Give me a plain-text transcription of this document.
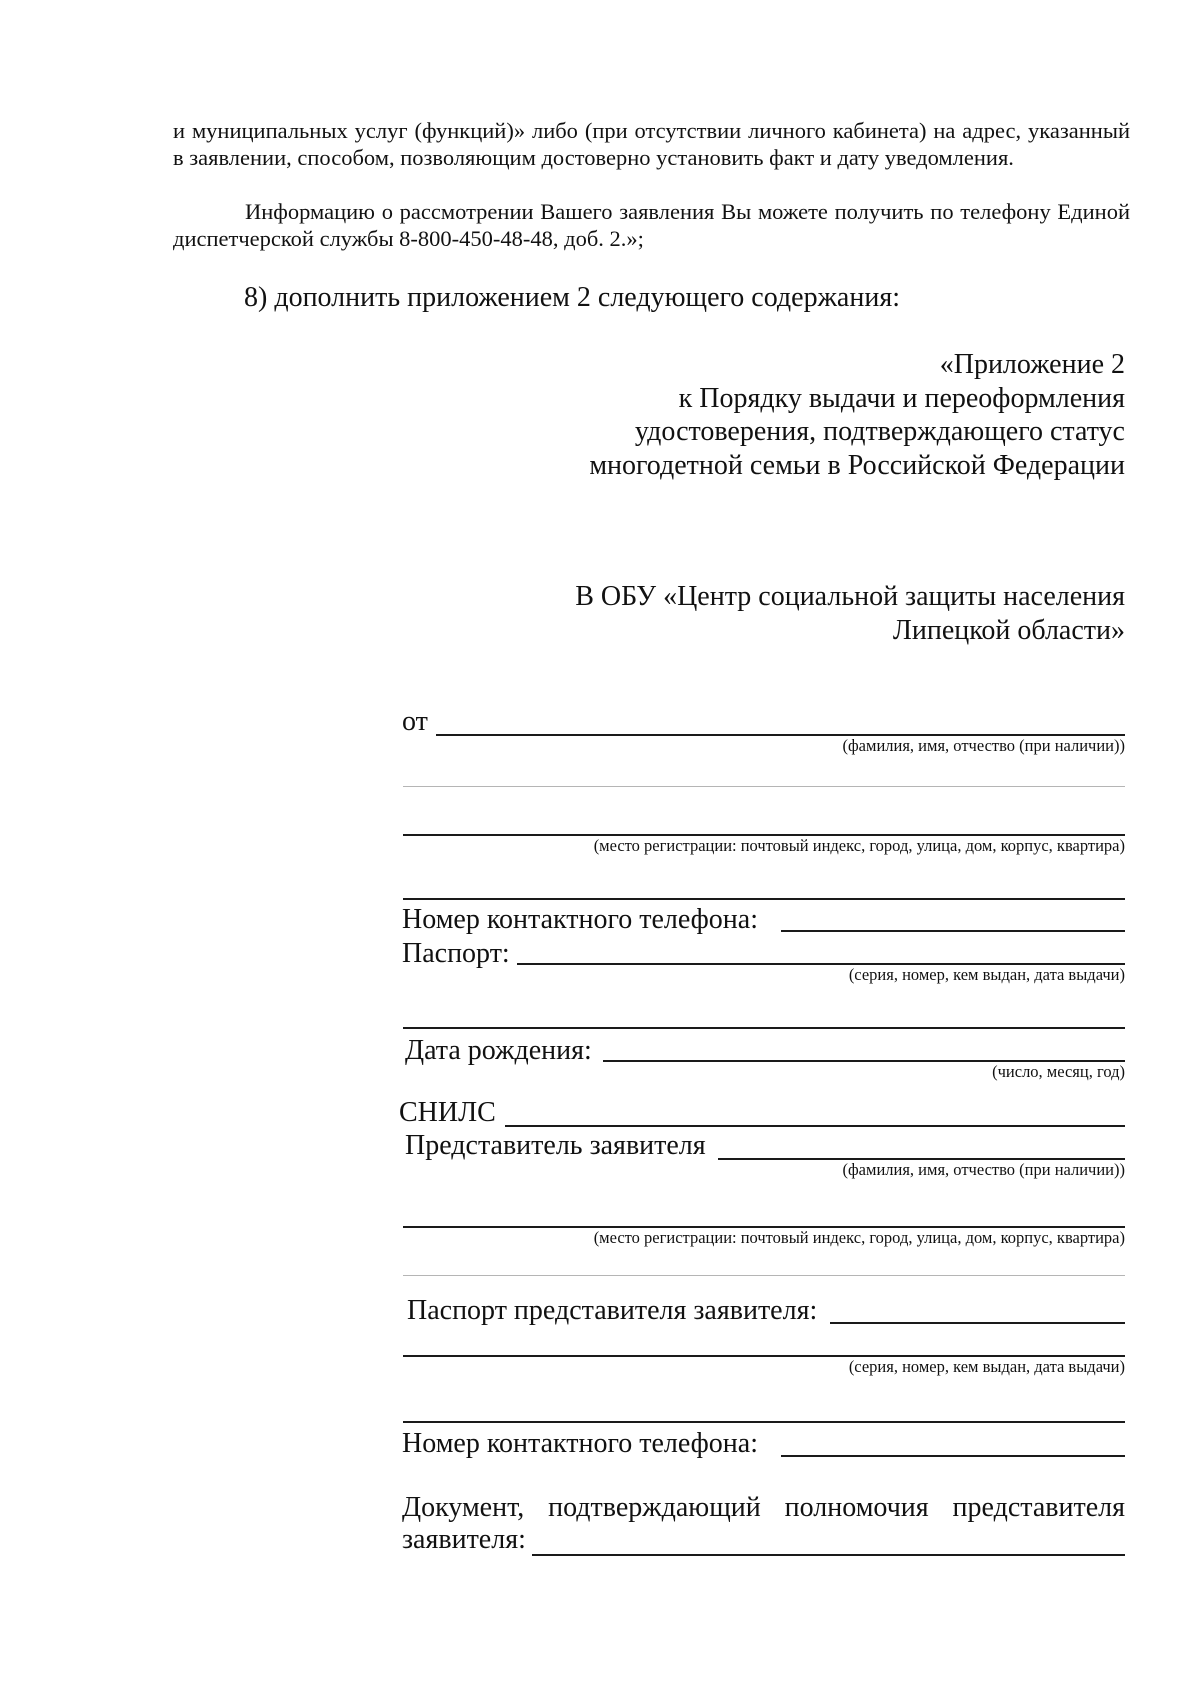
и муниципальных услуг (функций)» либо (при отсутствии личного кабинета) на адрес, указанный в заявлении, способом, позволяющим достоверно установить факт и дату уведомления.
Информацию о рассмотрении Вашего заявления Вы можете получить по телефону Единой диспетчерской службы 8-800-450-48-48, доб. 2.»;
8) дополнить приложением 2 следующего содержания:
«Приложение 2
к Порядку выдачи и переоформления
удостоверения, подтверждающего статус
многодетной семьи в Российской Федерации
В ОБУ «Центр социальной защиты населения
Липецкой области»
от
(фамилия, имя, отчество (при наличии))
(место регистрации: почтовый индекс, город, улица, дом, корпус, квартира)
Номер контактного телефона:
Паспорт:
(серия, номер, кем выдан, дата выдачи)
Дата рождения:
(число, месяц, год)
СНИЛС
Представитель заявителя
(фамилия, имя, отчество (при наличии))
(место регистрации: почтовый индекс, город, улица, дом, корпус, квартира)
Паспорт представителя заявителя:
(серия, номер, кем выдан, дата выдачи)
Номер контактного телефона:
Документ, подтверждающий полномочия представителя
заявителя:
